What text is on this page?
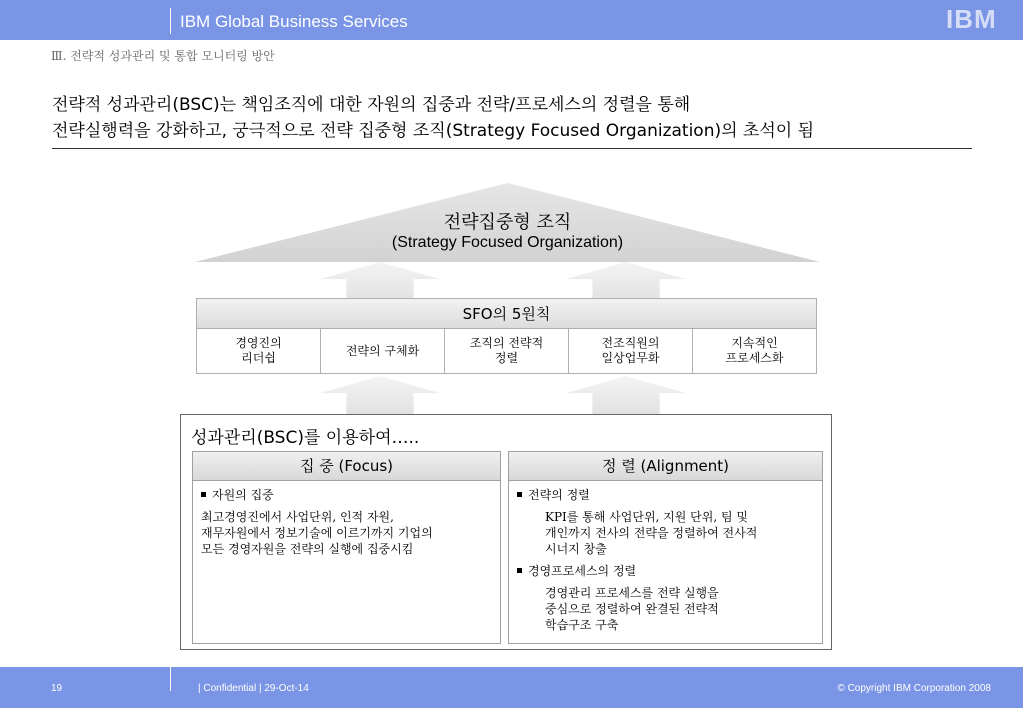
IBM Global Business Services	IBM
Ⅲ. 전략적 성과관리 및 통합 모니터링 방안
전략적 성과관리(BSC)는 책임조직에 대한 자원의 집중과 전략/프로세스의 정렬을 통해
전략실행력을 강화하고, 궁극적으로 전략 집중형 조직(Strategy Focused Organization)의 초석이 됨
전략집중형 조직
(Strategy Focused Organization)
SFO의 5원칙
경영진의
리더쉽
전략의 구체화
조직의 전략적
정렬
전조직원의
일상업무화
지속적인
프로세스화
성과관리(BSC)를 이용하여…..
집 중 (Focus)
자원의 집중
최고경영진에서 사업단위, 인적 자원,
재무자원에서 정보기술에 이르기까지 기업의
모든 경영자원을 전략의 실행에 집중시킴
정 렬 (Alignment)
전략의 정렬
KPI를 통해 사업단위, 지원 단위, 팀 및
개인까지 전사의 전략을 정렬하여 전사적
시너지 창출
경영프로세스의 정렬
경영관리 프로세스를 전략 실행을
중심으로 정렬하여 완결된 전략적
학습구조 구축
19	| Confidential | 29-Oct-14	© Copyright IBM Corporation 2008
